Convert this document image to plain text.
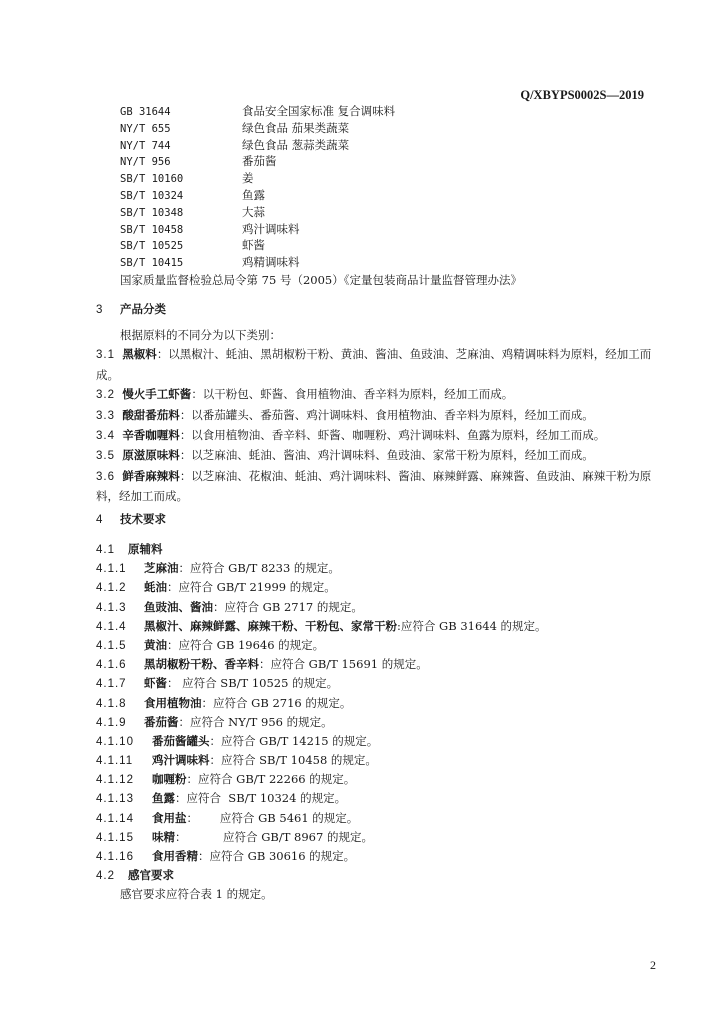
Q/XBYPS0002S—2019
GB 31644	食品安全国家标准 复合调味料
NY/T 655	绿色食品 茄果类蔬菜
NY/T 744	绿色食品 葱蒜类蔬菜
NY/T 956	番茄酱
SB/T 10160	姜
SB/T 10324	鱼露
SB/T 10348	大蒜
SB/T 10458	鸡汁调味料
SB/T 10525	虾酱
SB/T 10415	鸡精调味料
国家质量监督检验总局令第 75 号（2005）《定量包装商品计量监督管理办法》
3 产品分类
根据原料的不同分为以下类别：
3.1 黑椒料：以黑椒汁、蚝油、黑胡椒粉干粉、黄油、酱油、鱼豉油、芝麻油、鸡精调味料为原料，经加工而成。
3.2 慢火手工虾酱：以干粉包、虾酱、食用植物油、香辛料为原料，经加工而成。
3.3 酸甜番茄料：以番茄罐头、番茄酱、鸡汁调味料、食用植物油、香辛料为原料，经加工而成。
3.4 辛香咖喱料：以食用植物油、香辛料、虾酱、咖喱粉、鸡汁调味料、鱼露为原料，经加工而成。
3.5 原滋原味料：以芝麻油、蚝油、酱油、鸡汁调味料、鱼豉油、家常干粉为原料，经加工而成。
3.6 鲜香麻辣料：以芝麻油、花椒油、蚝油、鸡汁调味料、酱油、麻辣鲜露、麻辣酱、鱼豉油、麻辣干粉为原料，经加工而成。
4 技术要求
4.1 原辅料
4.1.1 芝麻油：应符合 GB/T 8233 的规定。
4.1.2 蚝油：应符合 GB/T 21999 的规定。
4.1.3 鱼豉油、酱油：应符合 GB 2717 的规定。
4.1.4 黑椒汁、麻辣鲜露、麻辣干粉、干粉包、家常干粉:应符合 GB 31644 的规定。
4.1.5 黄油：应符合 GB 19646 的规定。
4.1.6 黑胡椒粉干粉、香辛料：应符合 GB/T 15691 的规定。
4.1.7 虾酱： 应符合 SB/T 10525 的规定。
4.1.8 食用植物油：应符合 GB 2716 的规定。
4.1.9 番茄酱：应符合 NY/T 956 的规定。
4.1.10 番茄酱罐头：应符合 GB/T 14215 的规定。
4.1.11 鸡汁调味料：应符合 SB/T 10458 的规定。
4.1.12 咖喱粉：应符合 GB/T 22266 的规定。
4.1.13 鱼露：应符合  SB/T 10324 的规定。
4.1.14 食用盐：      应符合 GB 5461 的规定。
4.1.15 味精：          应符合 GB/T 8967 的规定。
4.1.16 食用香精：应符合 GB 30616 的规定。
4.2 感官要求
感官要求应符合表 1 的规定。
2
